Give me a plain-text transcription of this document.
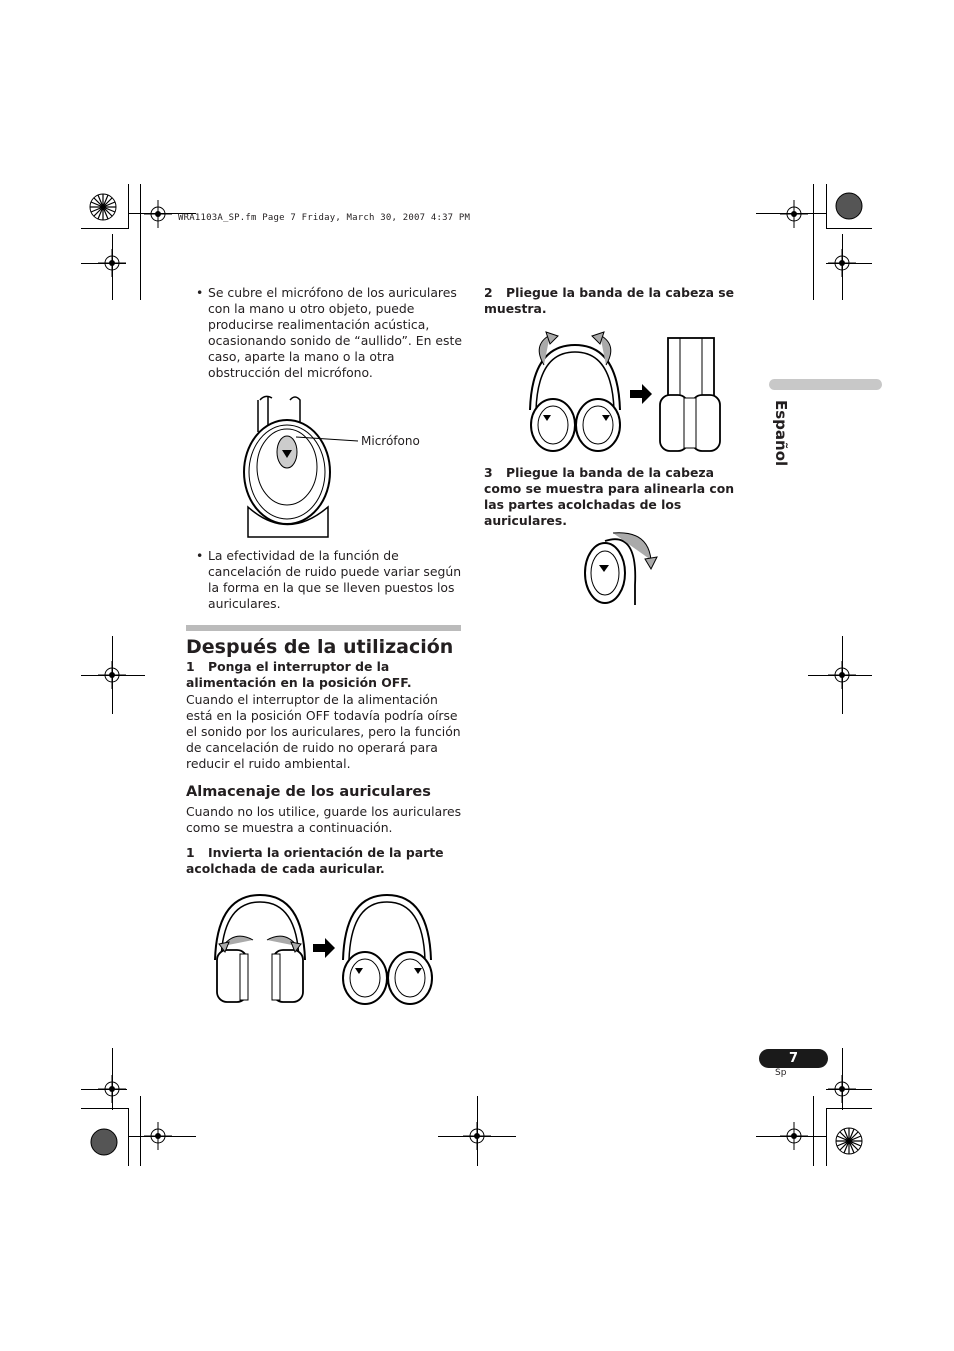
WRA1103A_SP.fm Page 7 Friday, March 30, 2007 4:37 PM
Español
• Se cubre el micrófono de los auriculares con la mano u otro objeto, puede producirse realimentación acústica, ocasionando sonido de “aullido”. En este caso, aparte la mano o la otra obstrucción del micrófono.
Micrófono
• La efectividad de la función de cancelación de ruido puede variar según la forma en la que se lleven puestos los auriculares.
Después de la utilización
1 Ponga el interruptor de la alimentación en la posición OFF.
Cuando el interruptor de la alimentación está en la posición OFF todavía podría oírse el sonido por los auriculares, pero la función de cancelación de ruido no operará para reducir el ruido ambiental.
Almacenaje de los auriculares
Cuando no los utilice, guarde los auriculares como se muestra a continuación.
1 Invierta la orientación de la parte acolchada de cada auricular.
2 Pliegue la banda de la cabeza se muestra.
3 Pliegue la banda de la cabeza como se muestra para alinearla con las partes acolchadas de los auriculares.
7
Sp
